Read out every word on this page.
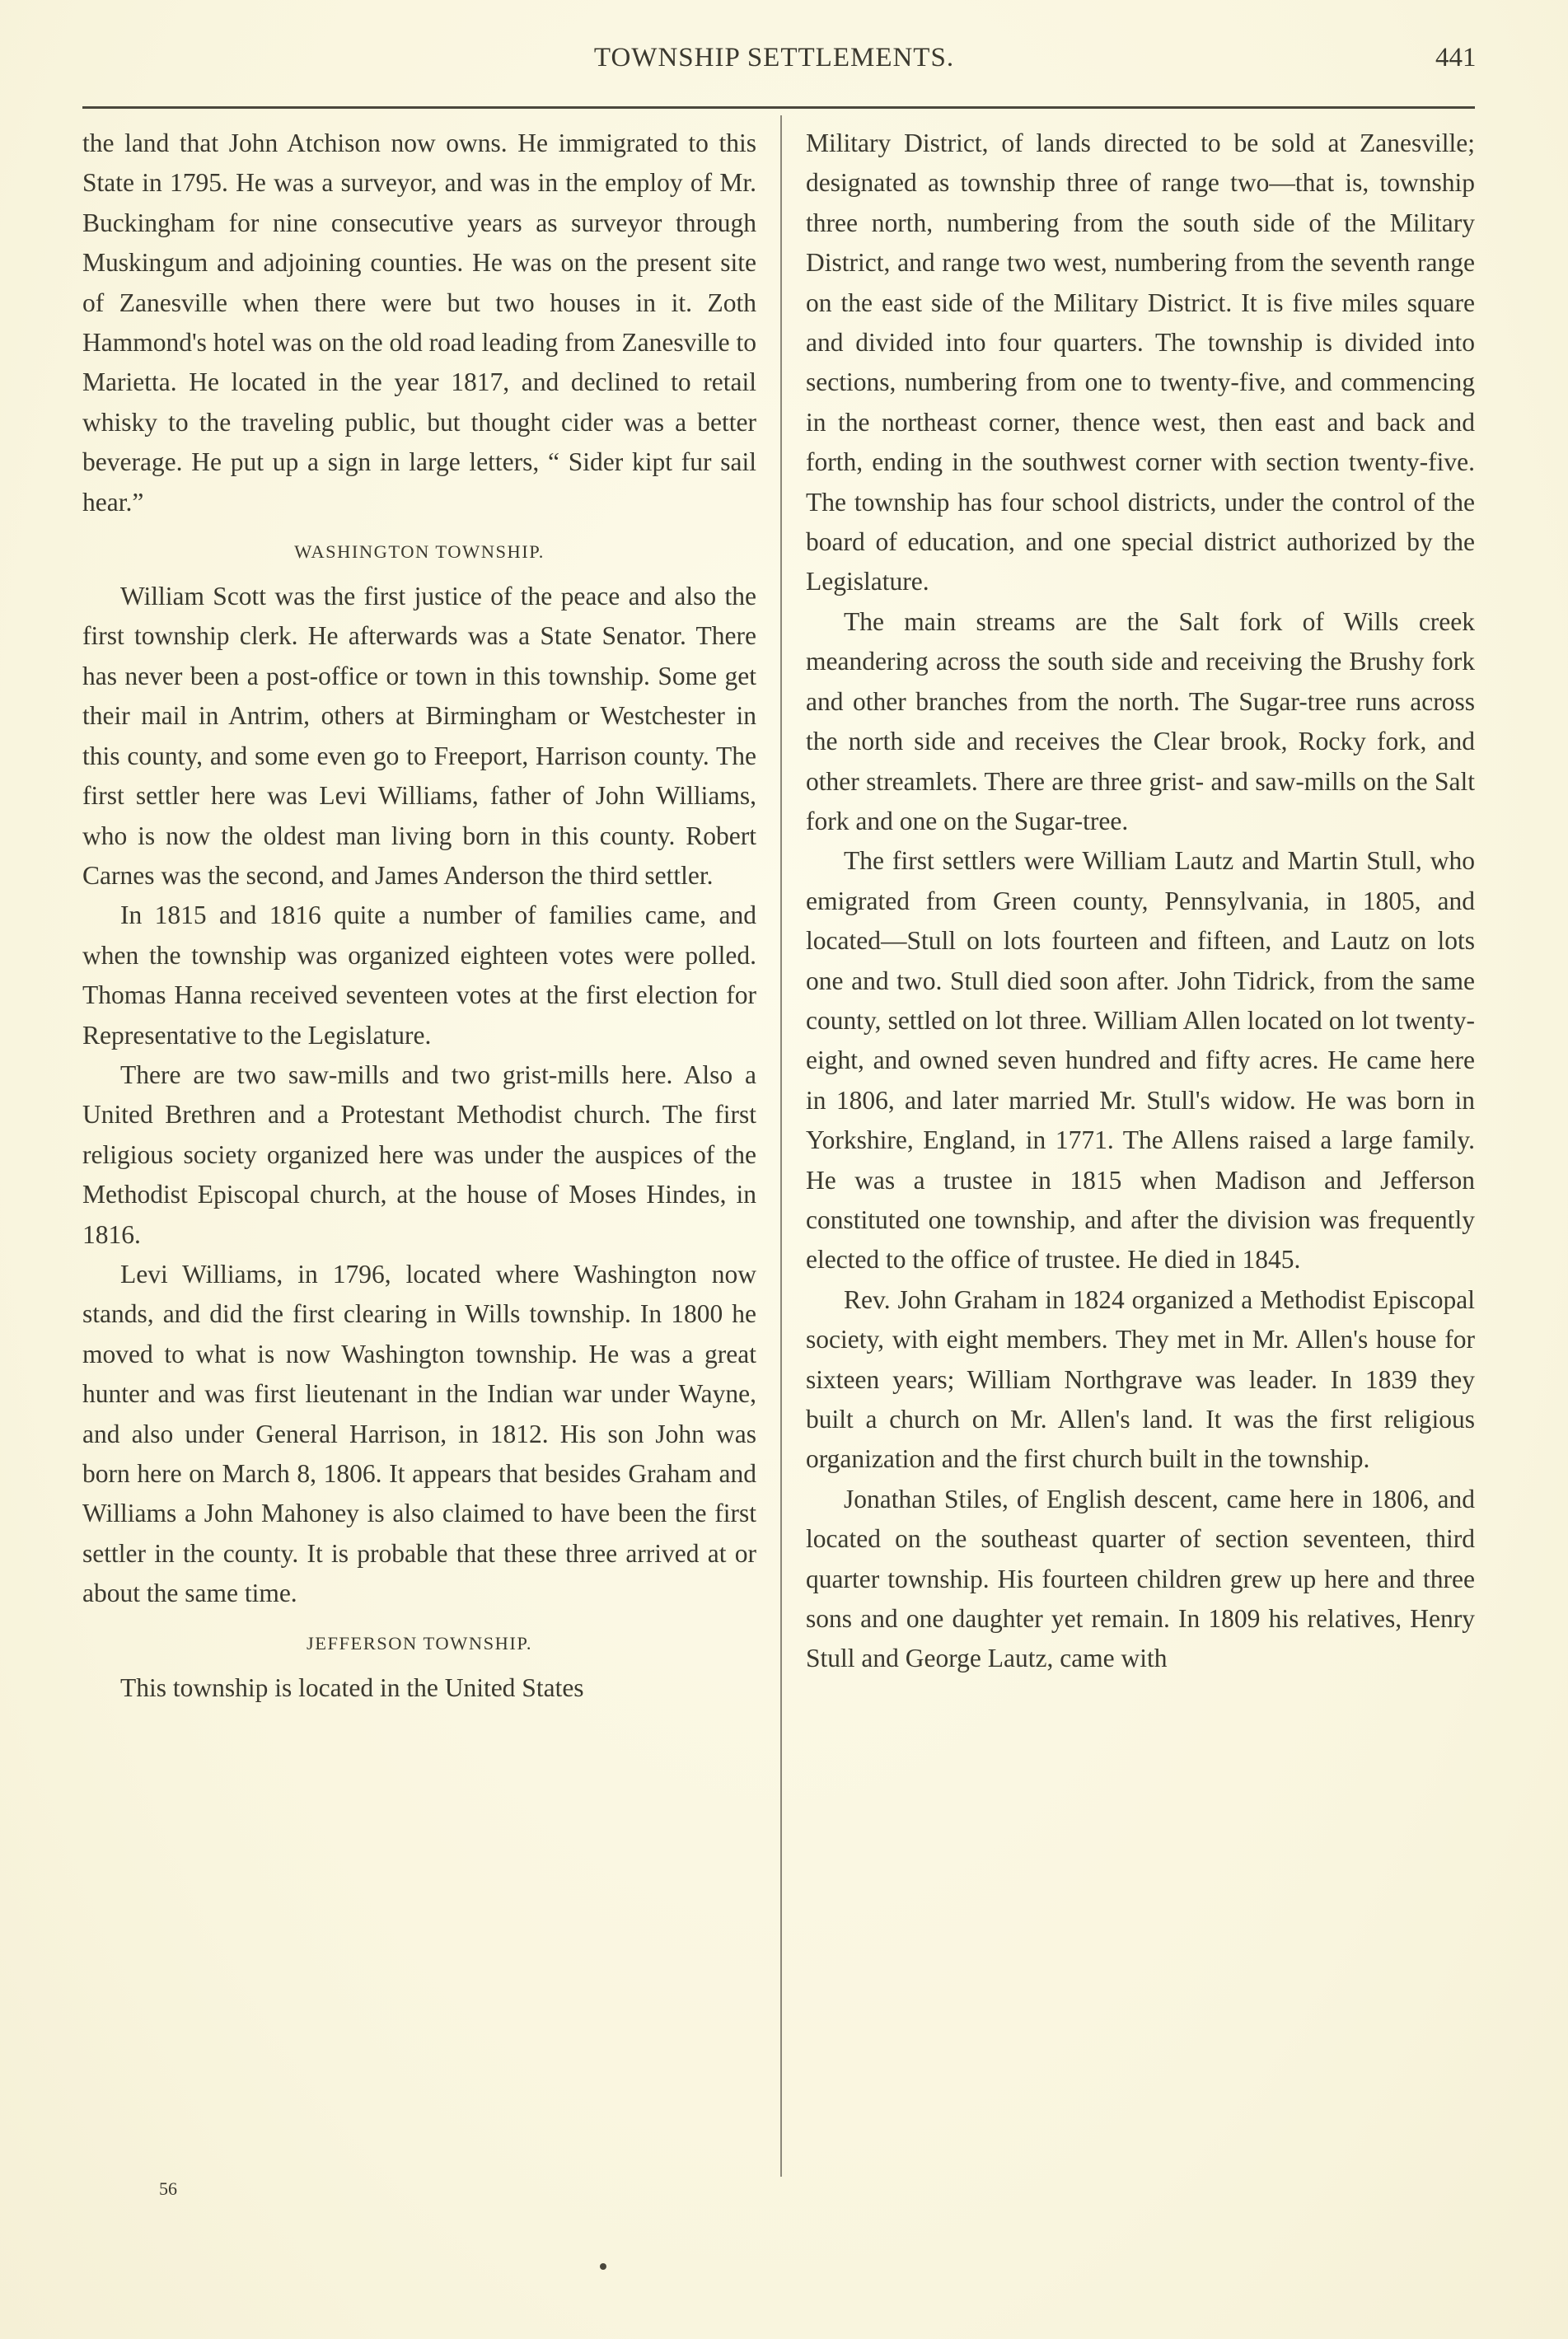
TOWNSHIP SETTLEMENTS.	441

the land that John Atchison now owns. He immigrated to this State in 1795. He was a surveyor, and was in the employ of Mr. Buckingham for nine consecutive years as surveyor through Muskingum and adjoining counties. He was on the present site of Zanesville when there were but two houses in it. Zoth Hammond's hotel was on the old road leading from Zanesville to Marietta. He located in the year 1817, and declined to retail whisky to the traveling public, but thought cider was a better beverage. He put up a sign in large letters, “ Sider kipt fur sail hear.”

WASHINGTON TOWNSHIP.

William Scott was the first justice of the peace and also the first township clerk. He afterwards was a State Senator. There has never been a post-office or town in this township. Some get their mail in Antrim, others at Birmingham or Westchester in this county, and some even go to Freeport, Harrison county. The first settler here was Levi Williams, father of John Williams, who is now the oldest man living born in this county. Robert Carnes was the second, and James Anderson the third settler.

In 1815 and 1816 quite a number of families came, and when the township was organized eighteen votes were polled. Thomas Hanna received seventeen votes at the first election for Representative to the Legislature.

There are two saw-mills and two grist-mills here. Also a United Brethren and a Protestant Methodist church. The first religious society organized here was under the auspices of the Methodist Episcopal church, at the house of Moses Hindes, in 1816.

Levi Williams, in 1796, located where Washington now stands, and did the first clearing in Wills township. In 1800 he moved to what is now Washington township. He was a great hunter and was first lieutenant in the Indian war under Wayne, and also under General Harrison, in 1812. His son John was born here on March 8, 1806. It appears that besides Graham and Williams a John Mahoney is also claimed to have been the first settler in the county. It is probable that these three arrived at or about the same time.

JEFFERSON TOWNSHIP.

This township is located in the United States

Military District, of lands directed to be sold at Zanesville; designated as township three of range two—that is, township three north, numbering from the south side of the Military District, and range two west, numbering from the seventh range on the east side of the Military District. It is five miles square and divided into four quarters. The township is divided into sections, numbering from one to twenty-five, and commencing in the northeast corner, thence west, then east and back and forth, ending in the southwest corner with section twenty-five. The township has four school districts, under the control of the board of education, and one special district authorized by the Legislature.

The main streams are the Salt fork of Wills creek meandering across the south side and receiving the Brushy fork and other branches from the north. The Sugar-tree runs across the north side and receives the Clear brook, Rocky fork, and other streamlets. There are three grist- and saw-mills on the Salt fork and one on the Sugar-tree.

The first settlers were William Lautz and Martin Stull, who emigrated from Green county, Pennsylvania, in 1805, and located—Stull on lots fourteen and fifteen, and Lautz on lots one and two. Stull died soon after. John Tidrick, from the same county, settled on lot three. William Allen located on lot twenty-eight, and owned seven hundred and fifty acres. He came here in 1806, and later married Mr. Stull's widow. He was born in Yorkshire, England, in 1771. The Allens raised a large family. He was a trustee in 1815 when Madison and Jefferson constituted one township, and after the division was frequently elected to the office of trustee. He died in 1845.

Rev. John Graham in 1824 organized a Methodist Episcopal society, with eight members. They met in Mr. Allen's house for sixteen years; William Northgrave was leader. In 1839 they built a church on Mr. Allen's land. It was the first religious organization and the first church built in the township.

Jonathan Stiles, of English descent, came here in 1806, and located on the southeast quarter of section seventeen, third quarter township. His fourteen children grew up here and three sons and one daughter yet remain. In 1809 his relatives, Henry Stull and George Lautz, came with

56
